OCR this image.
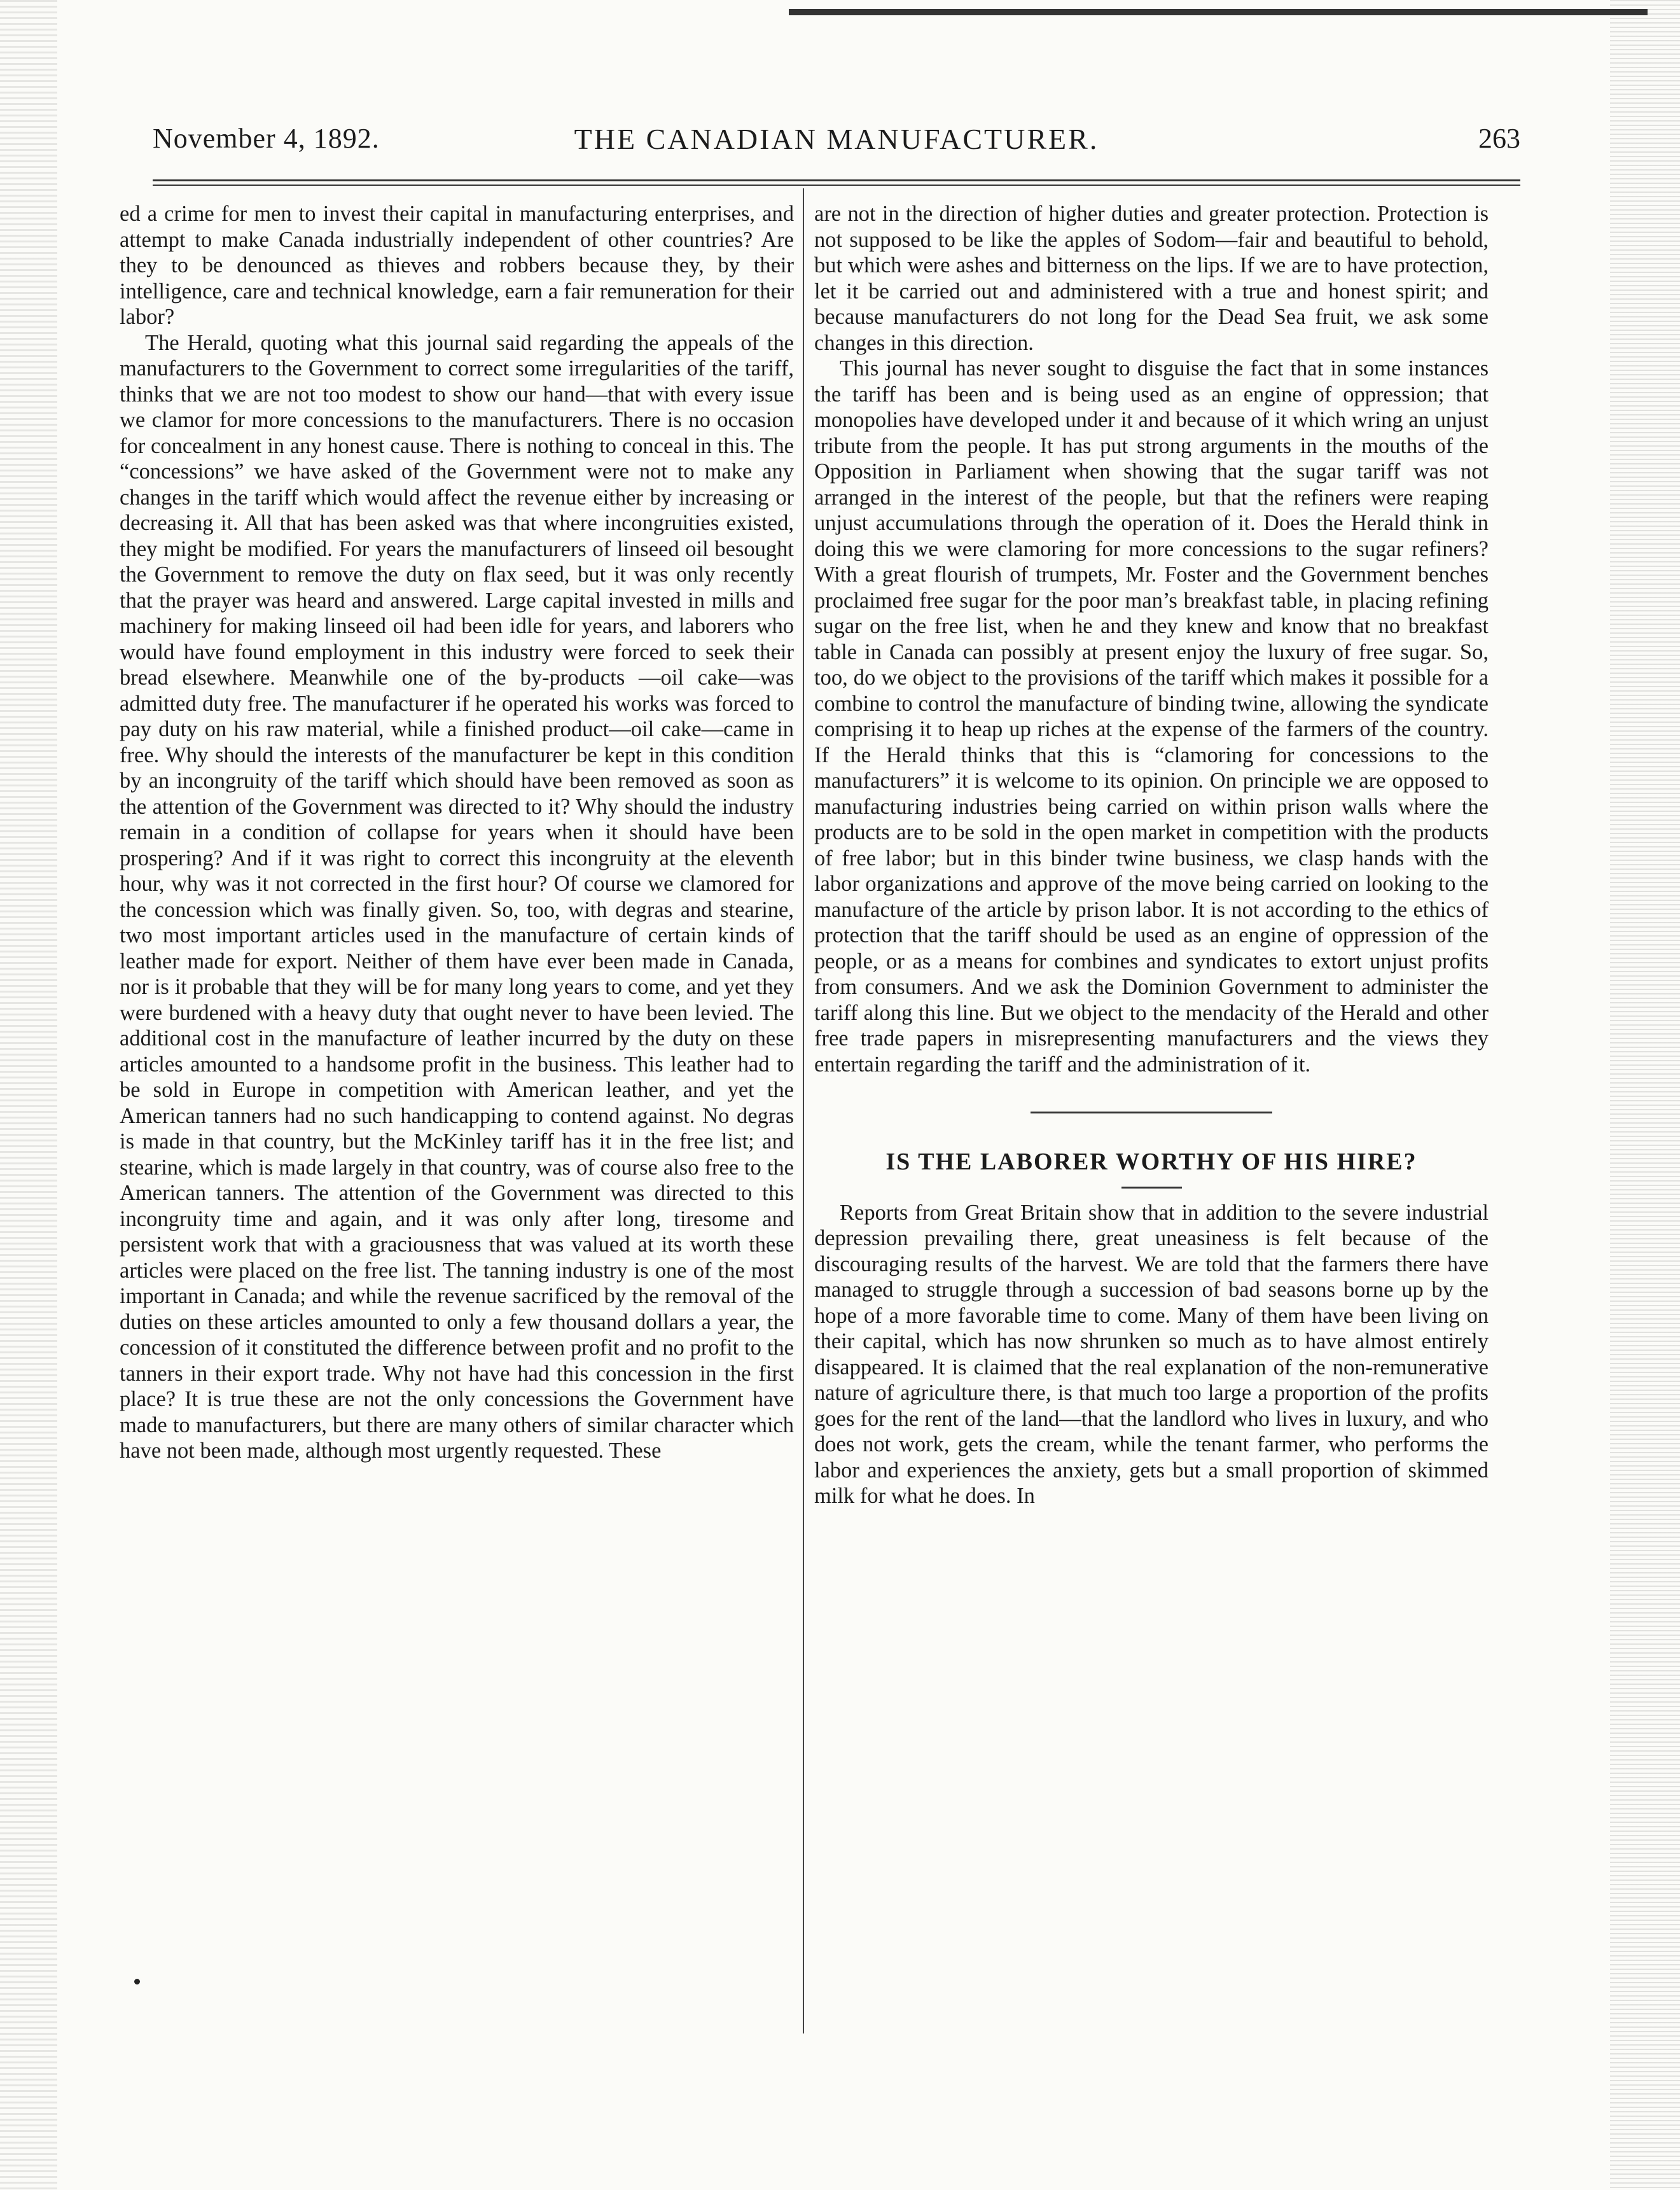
November 4, 1892.	THE CANADIAN MANUFACTURER.	263

ed a crime for men to invest their capital in manufacturing enterprises, and attempt to make Canada industrially independent of other countries? Are they to be denounced as thieves and robbers because they, by their intelligence, care and technical knowledge, earn a fair remuneration for their labor?

The Herald, quoting what this journal said regarding the appeals of the manufacturers to the Government to correct some irregularities of the tariff, thinks that we are not too modest to show our hand—that with every issue we clamor for more concessions to the manufacturers. There is no occasion for concealment in any honest cause. There is nothing to conceal in this. The “concessions” we have asked of the Government were not to make any changes in the tariff which would affect the revenue either by increasing or decreasing it. All that has been asked was that where incongruities existed, they might be modified. For years the manufacturers of linseed oil besought the Government to remove the duty on flax seed, but it was only recently that the prayer was heard and answered. Large capital invested in mills and machinery for making linseed oil had been idle for years, and laborers who would have found employment in this industry were forced to seek their bread elsewhere. Meanwhile one of the by-products —oil cake—was admitted duty free. The manufacturer if he operated his works was forced to pay duty on his raw material, while a finished product—oil cake—came in free. Why should the interests of the manufacturer be kept in this condition by an incongruity of the tariff which should have been removed as soon as the attention of the Government was directed to it? Why should the industry remain in a condition of collapse for years when it should have been prospering? And if it was right to correct this incongruity at the eleventh hour, why was it not corrected in the first hour? Of course we clamored for the concession which was finally given. So, too, with degras and stearine, two most important articles used in the manufacture of certain kinds of leather made for export. Neither of them have ever been made in Canada, nor is it probable that they will be for many long years to come, and yet they were burdened with a heavy duty that ought never to have been levied. The additional cost in the manufacture of leather incurred by the duty on these articles amounted to a handsome profit in the business. This leather had to be sold in Europe in competition with American leather, and yet the American tanners had no such handicapping to contend against. No degras is made in that country, but the McKinley tariff has it in the free list; and stearine, which is made largely in that country, was of course also free to the American tanners. The attention of the Government was directed to this incongruity time and again, and it was only after long, tiresome and persistent work that with a graciousness that was valued at its worth these articles were placed on the free list. The tanning industry is one of the most important in Canada; and while the revenue sacrificed by the removal of the duties on these articles amounted to only a few thousand dollars a year, the concession of it constituted the difference between profit and no profit to the tanners in their export trade. Why not have had this concession in the first place? It is true these are not the only concessions the Government have made to manufacturers, but there are many others of similar character which have not been made, although most urgently requested. These

are not in the direction of higher duties and greater protection. Protection is not supposed to be like the apples of Sodom—fair and beautiful to behold, but which were ashes and bitterness on the lips. If we are to have protection, let it be carried out and administered with a true and honest spirit; and because manufacturers do not long for the Dead Sea fruit, we ask some changes in this direction.

This journal has never sought to disguise the fact that in some instances the tariff has been and is being used as an engine of oppression; that monopolies have developed under it and because of it which wring an unjust tribute from the people. It has put strong arguments in the mouths of the Opposition in Parliament when showing that the sugar tariff was not arranged in the interest of the people, but that the refiners were reaping unjust accumulations through the operation of it. Does the Herald think in doing this we were clamoring for more concessions to the sugar refiners? With a great flourish of trumpets, Mr. Foster and the Government benches proclaimed free sugar for the poor man’s breakfast table, in placing refining sugar on the free list, when he and they knew and know that no breakfast table in Canada can possibly at present enjoy the luxury of free sugar. So, too, do we object to the provisions of the tariff which makes it possible for a combine to control the manufacture of binding twine, allowing the syndicate comprising it to heap up riches at the expense of the farmers of the country. If the Herald thinks that this is “clamoring for concessions to the manufacturers” it is welcome to its opinion. On principle we are opposed to manufacturing industries being carried on within prison walls where the products are to be sold in the open market in competition with the products of free labor; but in this binder twine business, we clasp hands with the labor organizations and approve of the move being carried on looking to the manufacture of the article by prison labor. It is not according to the ethics of protection that the tariff should be used as an engine of oppression of the people, or as a means for combines and syndicates to extort unjust profits from consumers. And we ask the Dominion Government to administer the tariff along this line. But we object to the mendacity of the Herald and other free trade papers in misrepresenting manufacturers and the views they entertain regarding the tariff and the administration of it.

IS THE LABORER WORTHY OF HIS HIRE?

Reports from Great Britain show that in addition to the severe industrial depression prevailing there, great uneasiness is felt because of the discouraging results of the harvest. We are told that the farmers there have managed to struggle through a succession of bad seasons borne up by the hope of a more favorable time to come. Many of them have been living on their capital, which has now shrunken so much as to have almost entirely disappeared. It is claimed that the real explanation of the non-remunerative nature of agriculture there, is that much too large a proportion of the profits goes for the rent of the land—that the landlord who lives in luxury, and who does not work, gets the cream, while the tenant farmer, who performs the labor and experiences the anxiety, gets but a small proportion of skimmed milk for what he does. In
